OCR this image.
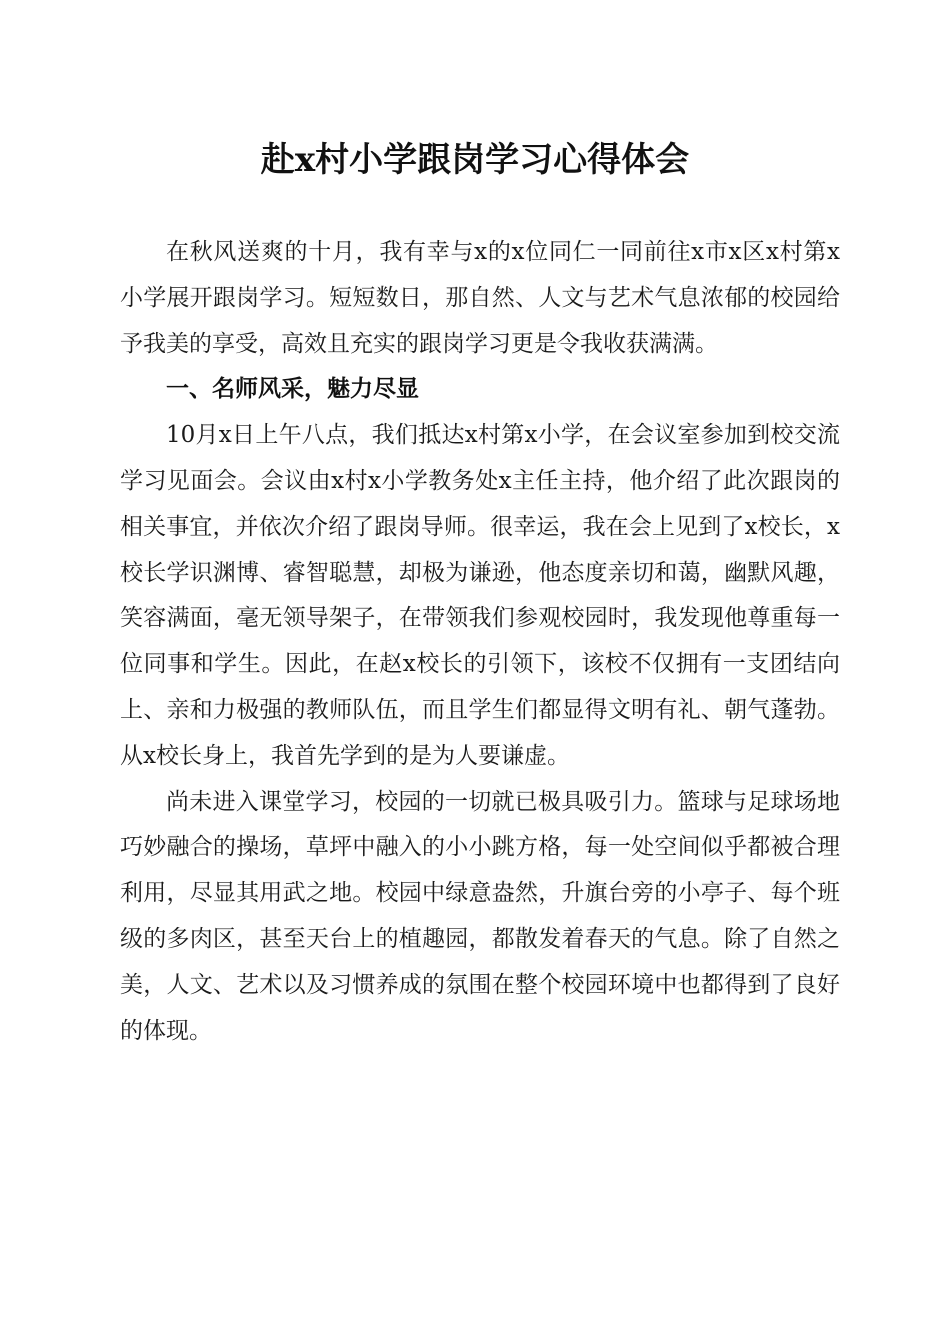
赴x村小学跟岗学习心得体会

在秋风送爽的十月，我有幸与x的x位同仁一同前往x市x区x村第x小学展开跟岗学习。短短数日，那自然、人文与艺术气息浓郁的校园给予我美的享受，高效且充实的跟岗学习更是令我收获满满。

一、名师风采，魅力尽显

10月x日上午八点，我们抵达x村第x小学，在会议室参加到校交流学习见面会。会议由x村x小学教务处x主任主持，他介绍了此次跟岗的相关事宜，并依次介绍了跟岗导师。很幸运，我在会上见到了x校长，x校长学识渊博、睿智聪慧，却极为谦逊，他态度亲切和蔼，幽默风趣，笑容满面，毫无领导架子，在带领我们参观校园时，我发现他尊重每一位同事和学生。因此，在赵x校长的引领下，该校不仅拥有一支团结向上、亲和力极强的教师队伍，而且学生们都显得文明有礼、朝气蓬勃。从x校长身上，我首先学到的是为人要谦虚。

尚未进入课堂学习，校园的一切就已极具吸引力。篮球与足球场地巧妙融合的操场，草坪中融入的小小跳方格，每一处空间似乎都被合理利用，尽显其用武之地。校园中绿意盎然，升旗台旁的小亭子、每个班级的多肉区，甚至天台上的植趣园，都散发着春天的气息。除了自然之美，人文、艺术以及习惯养成的氛围在整个校园环境中也都得到了良好的体现。
